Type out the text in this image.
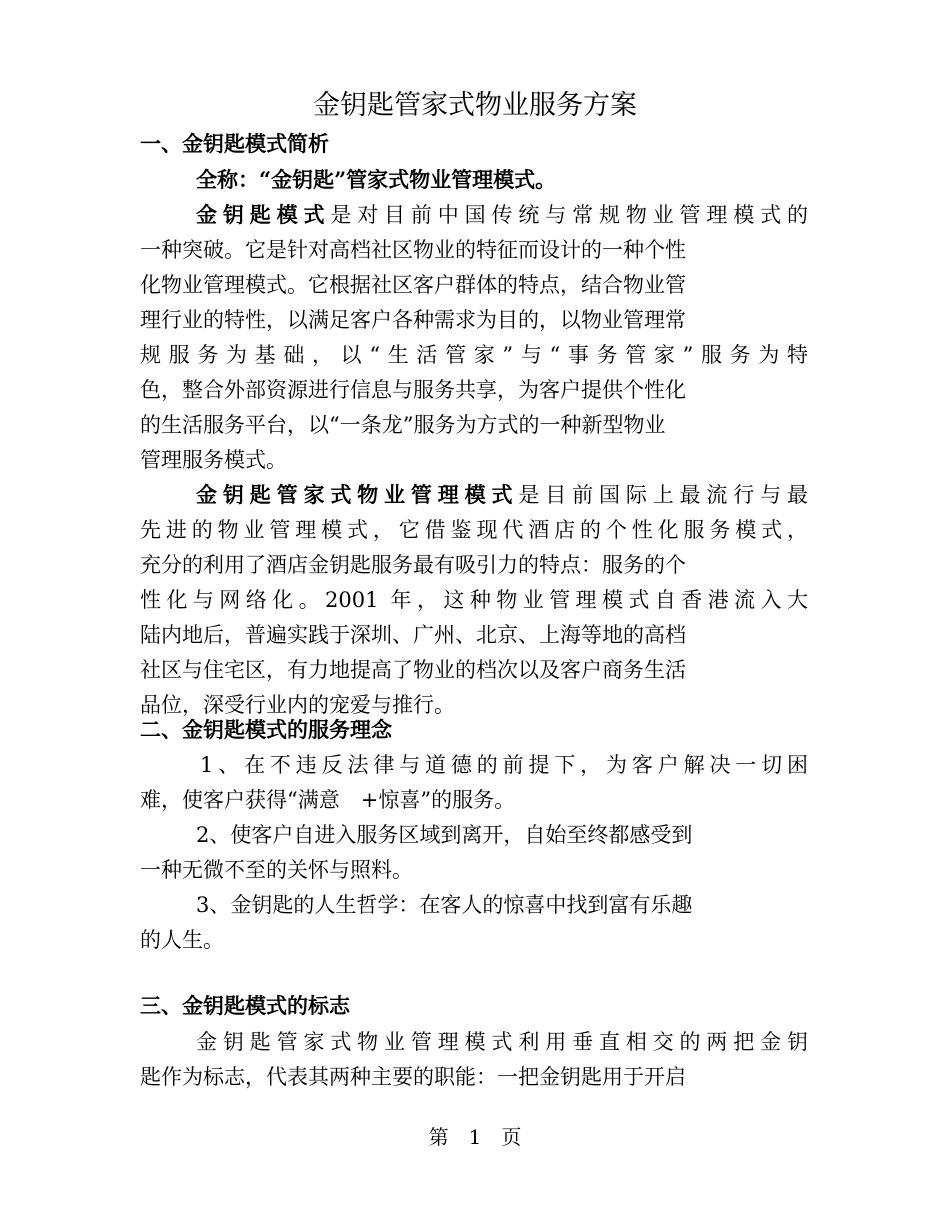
金钥匙管家式物业服务方案
一、金钥匙模式简析
全称：“金钥匙”管家式物业管理模式。
金钥匙模式是对目前中国传统与常规物业管理模式的
一种突破。它是针对高档社区物业的特征而设计的一种个性
化物业管理模式。它根据社区客户群体的特点，结合物业管
理行业的特性，以满足客户各种需求为目的，以物业管理常
规服务为基础，以“生活管家”与“事务管家”服务为特
色，整合外部资源进行信息与服务共享，为客户提供个性化
的生活服务平台，以“一条龙”服务为方式的一种新型物业
管理服务模式。
金钥匙管家式物业管理模式是目前国际上最流行与最
先进的物业管理模式，它借鉴现代酒店的个性化服务模式，
充分的利用了酒店金钥匙服务最有吸引力的特点：服务的个
性化与网络化。2001 年，这种物业管理模式自香港流入大
陆内地后，普遍实践于深圳、广州、北京、上海等地的高档
社区与住宅区，有力地提高了物业的档次以及客户商务生活
品位，深受行业内的宠爱与推行。
二、金钥匙模式的服务理念
1、在不违反法律与道德的前提下，为客户解决一切困
难，使客户获得“满意　+惊喜”的服务。
2、使客户自进入服务区域到离开，自始至终都感受到
一种无微不至的关怀与照料。
3、金钥匙的人生哲学：在客人的惊喜中找到富有乐趣
的人生。
三、金钥匙模式的标志
金钥匙管家式物业管理模式利用垂直相交的两把金钥
匙作为标志，代表其两种主要的职能：一把金钥匙用于开启
第　1　页
